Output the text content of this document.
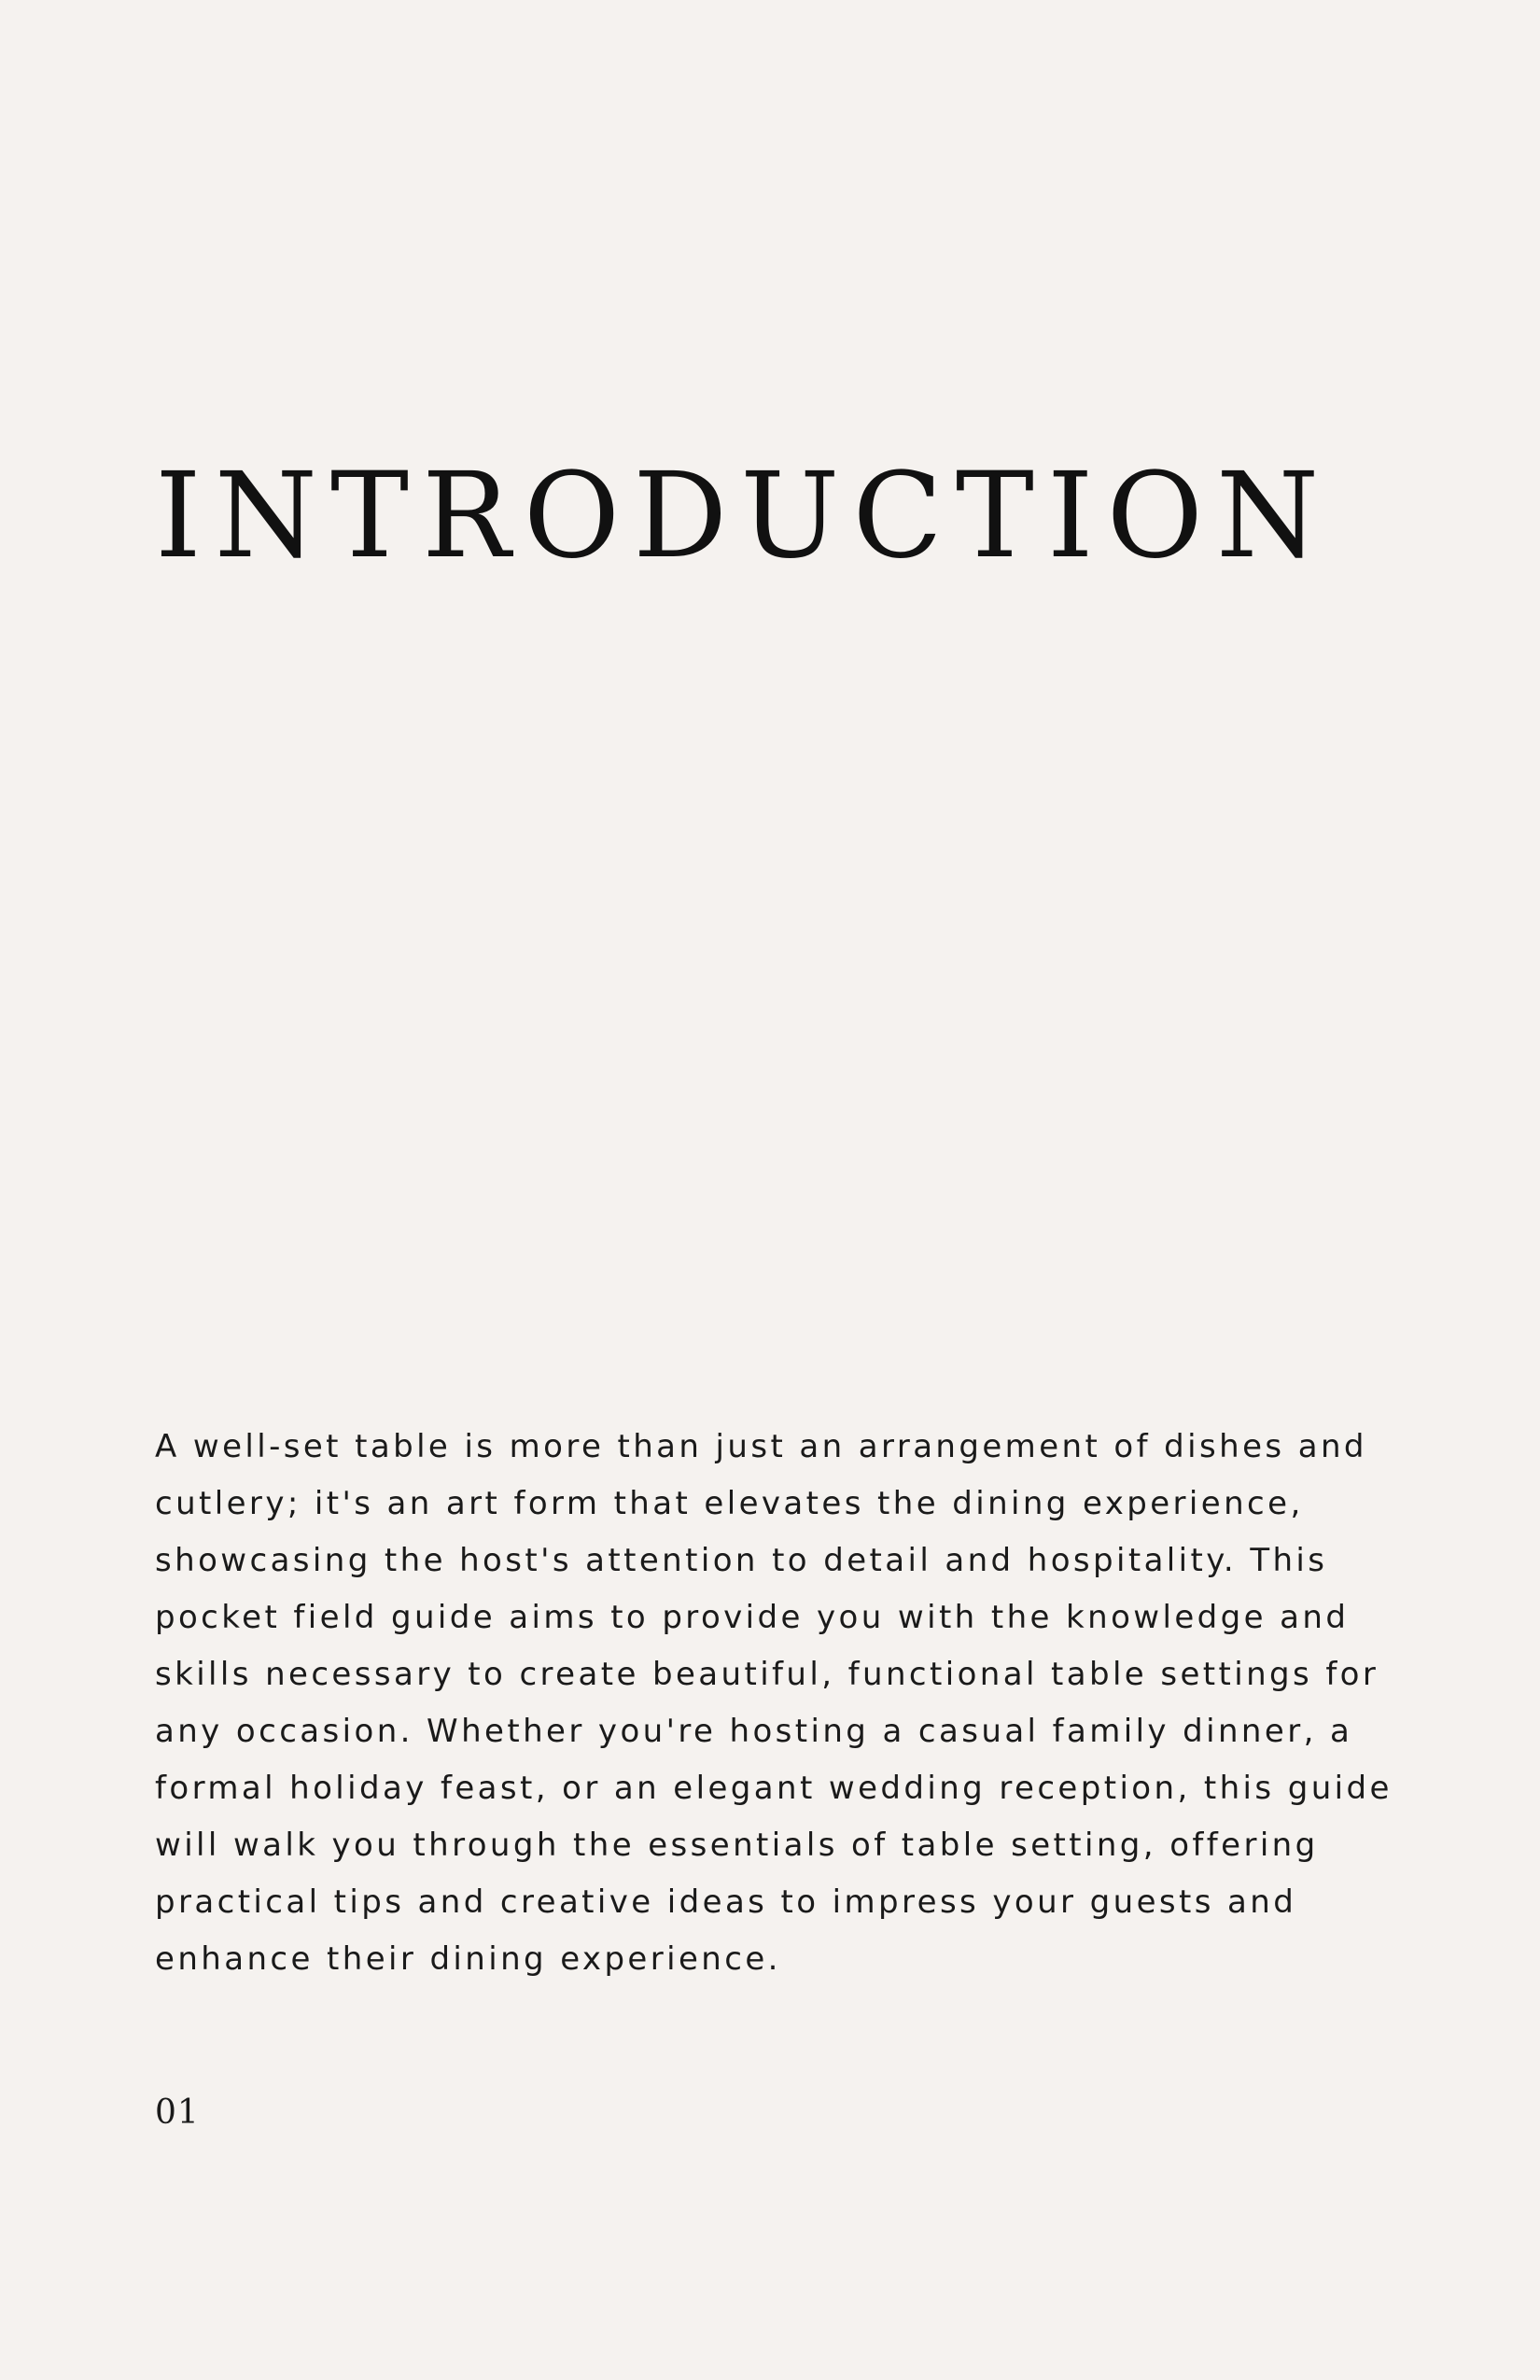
INTRODUCTION

A well-set table is more than just an arrangement of dishes and cutlery; it's an art form that elevates the dining experience, showcasing the host's attention to detail and hospitality. This pocket field guide aims to provide you with the knowledge and skills necessary to create beautiful, functional table settings for any occasion. Whether you're hosting a casual family dinner, a formal holiday feast, or an elegant wedding reception, this guide will walk you through the essentials of table setting, offering practical tips and creative ideas to impress your guests and enhance their dining experience.

01
